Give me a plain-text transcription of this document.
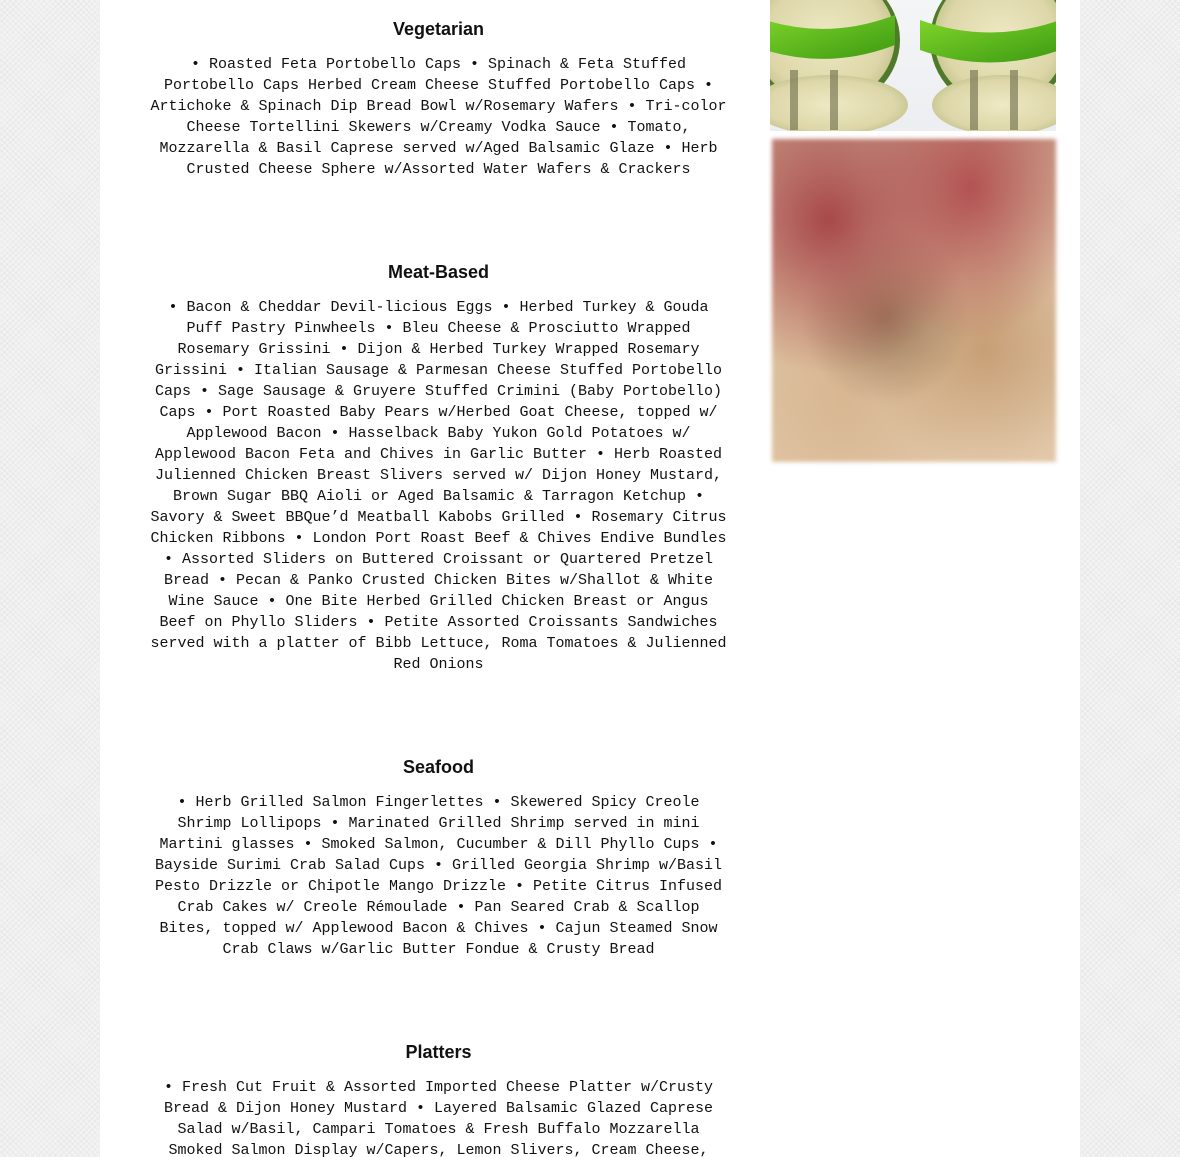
Vegetarian

• Roasted Feta Portobello Caps • Spinach & Feta Stuffed Portobello Caps Herbed Cream Cheese Stuffed Portobello Caps • Artichoke & Spinach Dip Bread Bowl w/Rosemary Wafers • Tri-color Cheese Tortellini Skewers w/Creamy Vodka Sauce • Tomato, Mozzarella & Basil Caprese served w/Aged Balsamic Glaze • Herb Crusted Cheese Sphere w/Assorted Water Wafers & Crackers

Meat-Based

• Bacon & Cheddar Devil-licious Eggs • Herbed Turkey & Gouda Puff Pastry Pinwheels • Bleu Cheese & Prosciutto Wrapped Rosemary Grissini • Dijon & Herbed Turkey Wrapped Rosemary Grissini • Italian Sausage & Parmesan Cheese Stuffed Portobello Caps • Sage Sausage & Gruyere Stuffed Crimini (Baby Portobello) Caps • Port Roasted Baby Pears w/Herbed Goat Cheese, topped w/ Applewood Bacon • Hasselback Baby Yukon Gold Potatoes w/ Applewood Bacon Feta and Chives in Garlic Butter • Herb Roasted Julienned Chicken Breast Slivers served w/ Dijon Honey Mustard, Brown Sugar BBQ Aioli or Aged Balsamic & Tarragon Ketchup • Savory & Sweet BBQue’d Meatball Kabobs Grilled • Rosemary Citrus Chicken Ribbons • London Port Roast Beef & Chives Endive Bundles • Assorted Sliders on Buttered Croissant or Quartered Pretzel Bread • Pecan & Panko Crusted Chicken Bites w/Shallot & White Wine Sauce • One Bite Herbed Grilled Chicken Breast or Angus Beef on Phyllo Sliders • Petite Assorted Croissants Sandwiches served with a platter of Bibb Lettuce, Roma Tomatoes & Julienned Red Onions

Seafood

• Herb Grilled Salmon Fingerlettes • Skewered Spicy Creole Shrimp Lollipops • Marinated Grilled Shrimp served in mini Martini glasses • Smoked Salmon, Cucumber & Dill Phyllo Cups • Bayside Surimi Crab Salad Cups • Grilled Georgia Shrimp w/Basil Pesto Drizzle or Chipotle Mango Drizzle • Petite Citrus Infused Crab Cakes w/ Creole Rémoulade • Pan Seared Crab & Scallop Bites, topped w/ Applewood Bacon & Chives • Cajun Steamed Snow Crab Claws w/Garlic Butter Fondue & Crusty Bread

Platters

• Fresh Cut Fruit & Assorted Imported Cheese Platter w/Crusty Bread & Dijon Honey Mustard • Layered Balsamic Glazed Caprese Salad w/Basil, Campari Tomatoes & Fresh Buffalo Mozzarella Smoked Salmon Display w/Capers, Lemon Slivers, Cream Cheese,
